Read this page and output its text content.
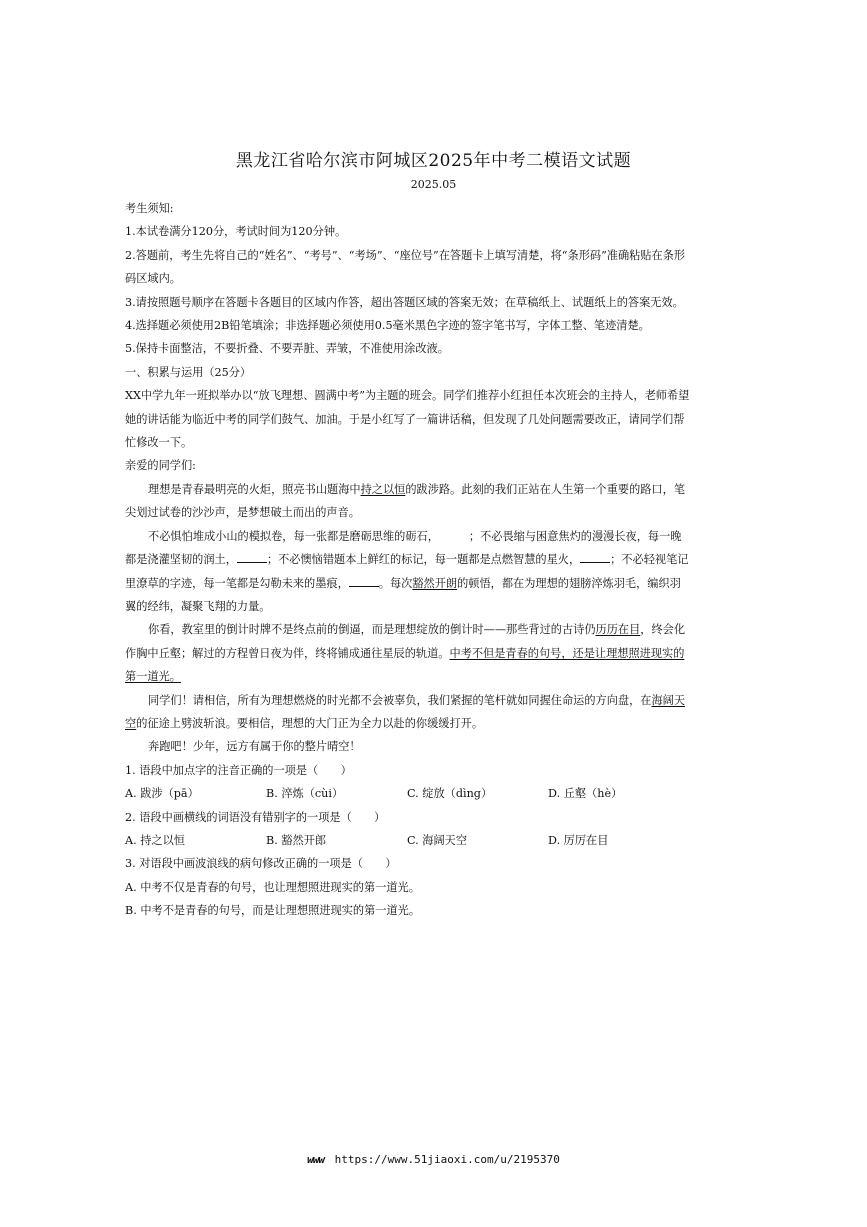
黑龙江省哈尔滨市阿城区2025年中考二模语文试题
2025.05

考生须知:

1.本试卷满分120分，考试时间为120分钟。

2.答题前，考生先将自己的“姓名”、“考号”、“考场”、“座位号”在答题卡上填写清楚，将“条形码”准确粘贴在条形码区域内。

3.请按照题号顺序在答题卡各题目的区域内作答，超出答题区域的答案无效；在草稿纸上、试题纸上的答案无效。

4.选择题必须使用2B铅笔填涂；非选择题必须使用0.5毫米黑色字迹的签字笔书写，字体工整、笔迹清楚。

5.保持卡面整洁，不要折叠、不要弄脏、弄皱，不准使用涂改液。

一、积累与运用（25分）

XX中学九年一班拟举办以“放飞理想、圆满中考”为主题的班会。同学们推荐小红担任本次班会的主持人，老师希望她的讲话能为临近中考的同学们鼓气、加油。于是小红写了一篇讲话稿，但发现了几处问题需要改正，请同学们帮忙修改一下。

亲爱的同学们:

理想是青春最明亮的火炬，照亮书山题海中持之以恒的跋涉路。此刻的我们正站在人生第一个重要的路口，笔尖划过试卷的沙沙声，是梦想破土而出的声音。

不必惧怕堆成小山的模拟卷，每一张都是磨砺思维的砺石，	；不必畏缩与困意焦灼的漫漫长夜，每一晚都是浇灌坚韧的润土，	；不必懊恼错题本上鲜红的标记，每一题都是点燃智慧的星火，	；不必轻视笔记里潦草的字迹，每一笔都是勾勒未来的墨痕，	。每次豁然开朗的顿悟，都在为理想的翅膀淬炼羽毛，编织羽翼的经纬，凝聚飞翔的力量。

你看，教室里的倒计时牌不是终点前的倒逼，而是理想绽放的倒计时——那些背过的古诗仍历历在目，终会化作胸中丘壑；解过的方程曾日夜为伴，终将铺成通往星辰的轨道。中考不但是青春的句号，还是让理想照进现实的第一道光。

同学们！请相信，所有为理想燃烧的时光都不会被辜负，我们紧握的笔杆就如同握住命运的方向盘，在海阔天空的征途上劈波斩浪。要相信，理想的大门正为全力以赴的你缓缓打开。

奔跑吧！少年，远方有属于你的整片晴空！

1. 语段中加点字的注音正确的一项是（　　）

A. 跋涉（pā）	B. 淬炼（cùi）	C. 绽放（dìng）	D. 丘壑（hè）

2. 语段中画横线的词语没有错别字的一项是（　　）

A. 持之以恒	B. 豁然开郎	C. 海阔天空	D. 厉厉在目

3. 对语段中画波浪线的病句修改正确的一项是（　　）

A. 中考不仅是青春的句号，也让理想照进现实的第一道光。

B. 中考不是青春的句号，而是让理想照进现实的第一道光。

www https://www.51jiaoxi.com/u/2195370
